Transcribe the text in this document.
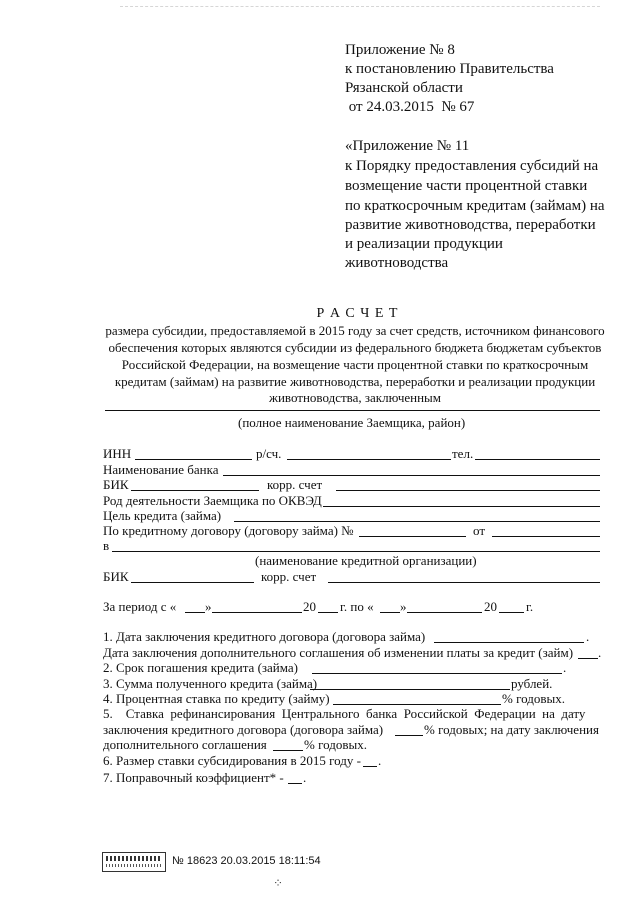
Приложение № 8
к постановлению Правительства
Рязанской области
от 24.03.2015  № 67
«Приложение № 11
к Порядку предоставления субсидий на
возмещение части процентной ставки
по краткосрочным кредитам (займам) на
развитие животноводства, переработки
и реализации продукции
животноводства
Р А С Ч Е Т
размера субсидии, предоставляемой в 2015 году за счет средств, источником финансового
обеспечения которых являются субсидии из федерального бюджета бюджетам субъектов
Российской Федерации, на возмещение части процентной ставки по краткосрочным
кредитам (займам) на развитие животноводства, переработки и реализации продукции
животноводства, заключенным
(полное наименование Заемщика, район)
ИНН	р/сч.	тел.
Наименование банка
БИК	корр. счет
Род деятельности Заемщика по ОКВЭД
Цель кредита (займа)
По кредитному договору (договору займа) №	от
в
(наименование кредитной организации)
БИК	корр. счет
За период с « »	20 г. по « »	20 г.
1. Дата заключения кредитного договора (договора займа)	.
Дата заключения дополнительного соглашения об изменении платы за кредит (займ) .
2. Срок погашения кредита (займа)	.
3. Сумма полученного кредита (займа)	рублей.
4. Процентная ставка по кредиту (займу)	% годовых.
5.    Ставка  рефинансирования  Центрального  банка  Российской  Федерации  на  дату
заключения кредитного договора (договора займа)	% годовых; на дату заключения
дополнительного соглашения	% годовых.
6. Размер ставки субсидирования в 2015 году - .
7. Поправочный коэффициент* - .
№ 18623 20.03.2015 18:11:54
⁘
